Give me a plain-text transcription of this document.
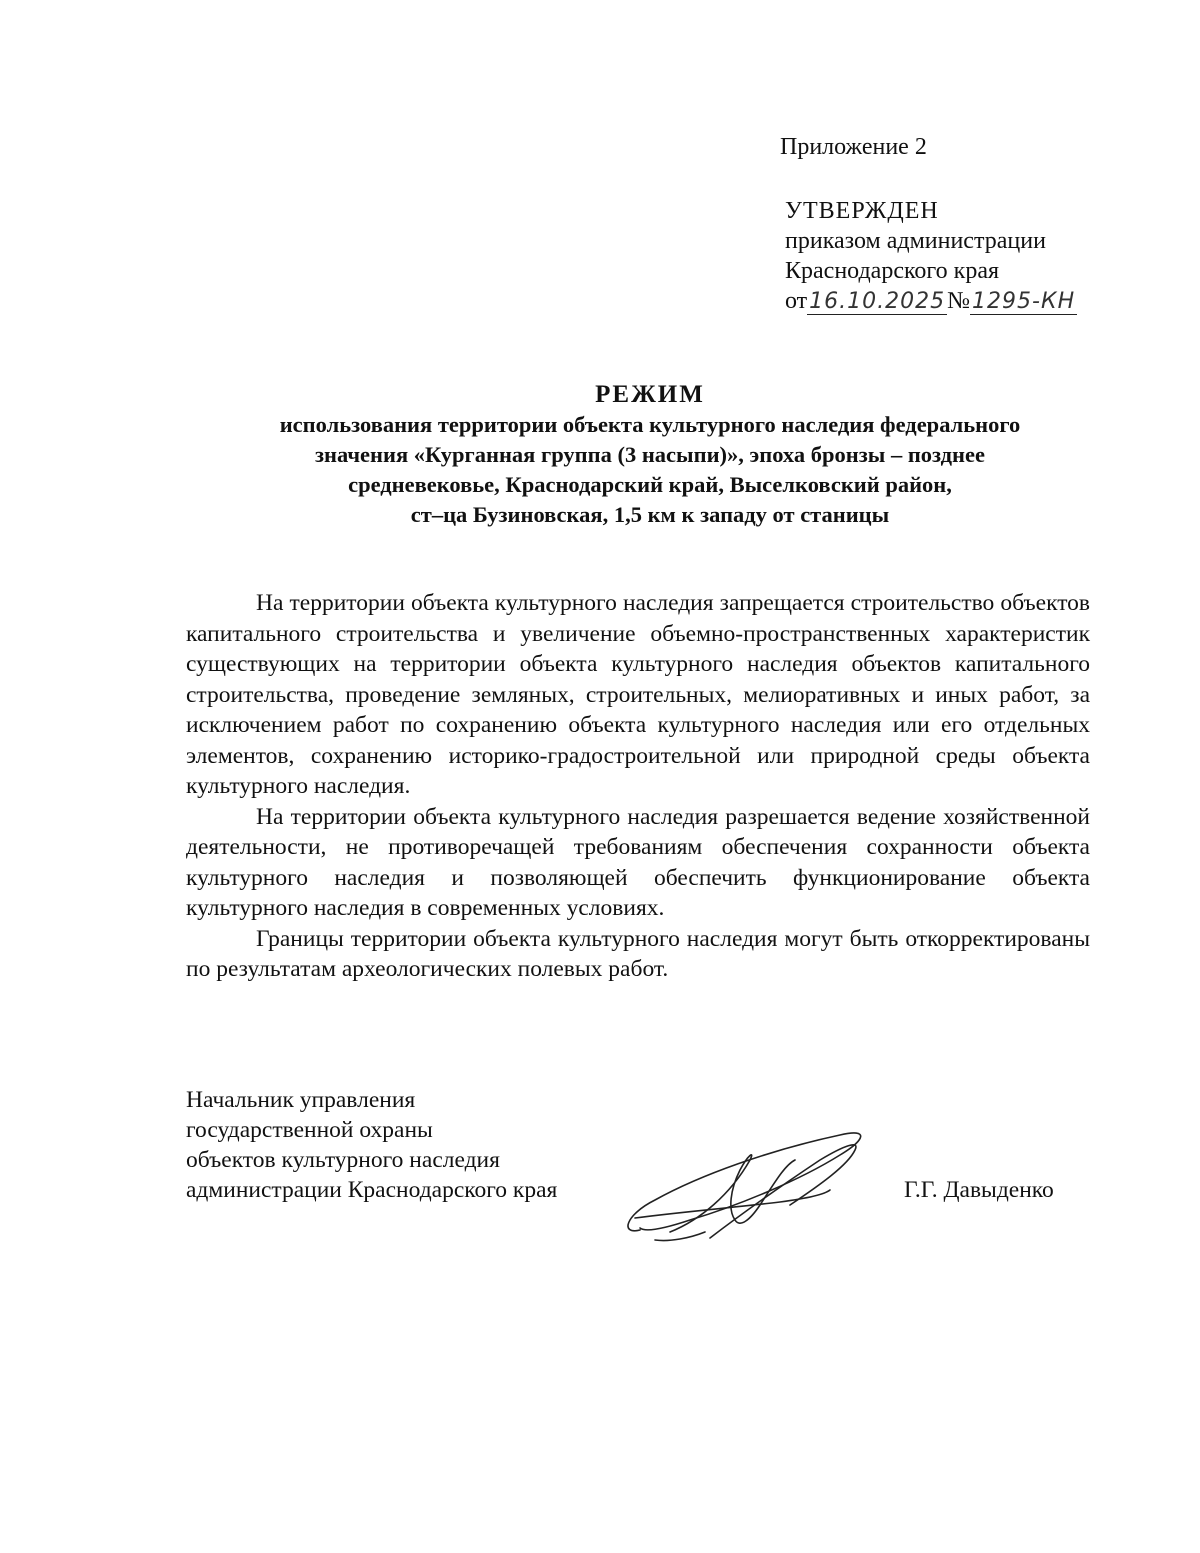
Приложение 2
УТВЕРЖДЕН
приказом администрации
Краснодарского края
от16.10.2025№1295-КН
РЕЖИМ
использования территории объекта культурного наследия федерального
значения «Курганная группа (3 насыпи)», эпоха бронзы – позднее
средневековье, Краснодарский край, Выселковский район,
ст–ца Бузиновская, 1,5 км к западу от станицы

На территории объекта культурного наследия запрещается строительство объектов капитального строительства и увеличение объемно-пространственных характеристик существующих на территории объекта культурного наследия объектов капитального строительства, проведение земляных, строительных, мелиоративных и иных работ, за исключением работ по сохранению объекта культурного наследия или его отдельных элементов, сохранению историко-градостроительной или природной среды объекта культурного наследия.

На территории объекта культурного наследия разрешается ведение хозяйственной деятельности, не противоречащей требованиям обеспечения сохранности объекта культурного наследия и позволяющей обеспечить функционирование объекта культурного наследия в современных условиях.

Границы территории объекта культурного наследия могут быть откорректированы по результатам археологических полевых работ.

Начальник управления
государственной охраны
объектов культурного наследия
администрации Краснодарского края	Г.Г. Давыденко
